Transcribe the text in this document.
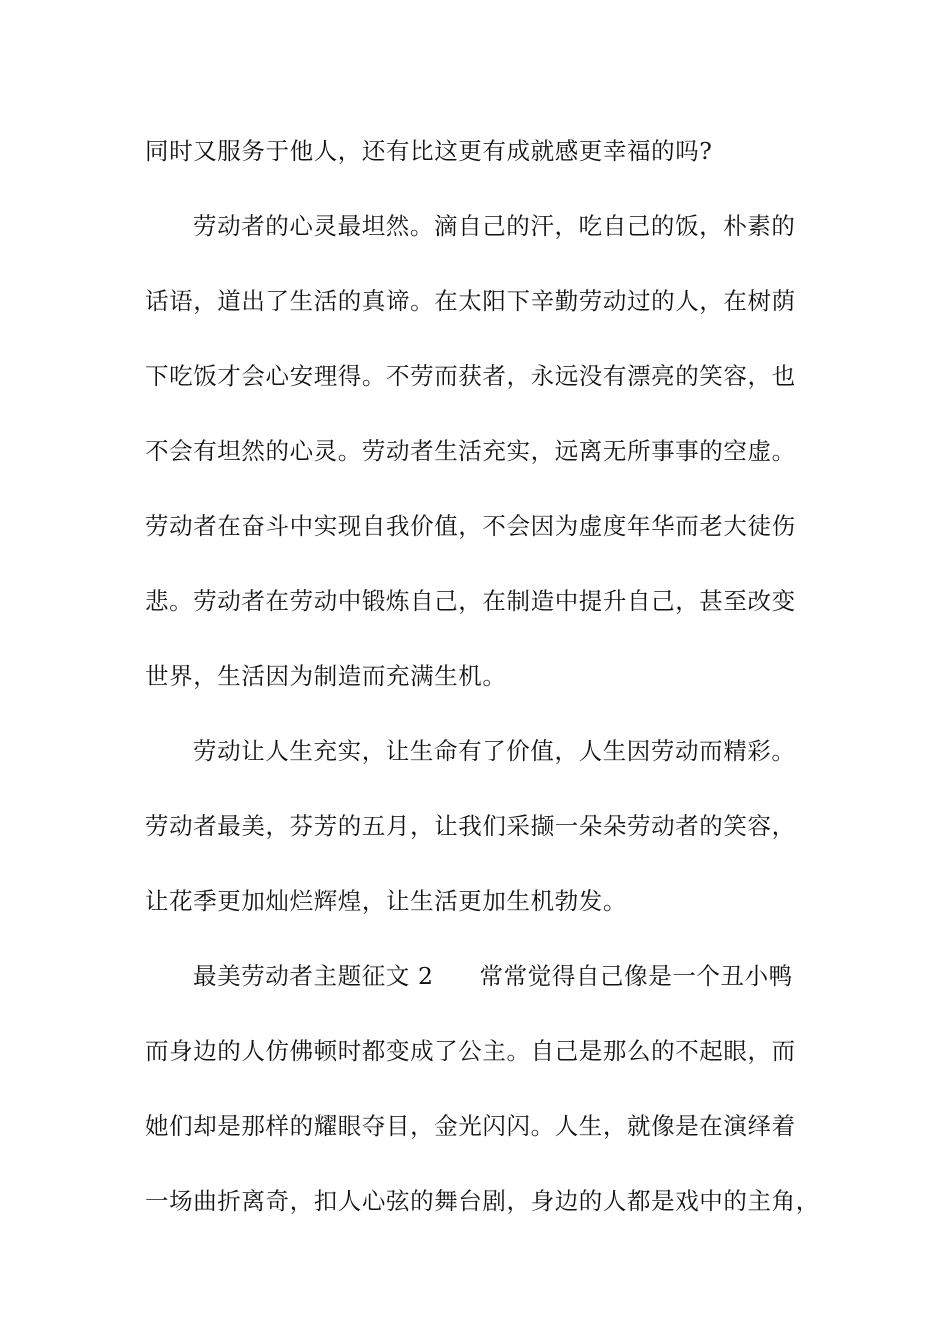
同时又服务于他人，还有比这更有成就感更幸福的吗?
劳动者的心灵最坦然。滴自己的汗，吃自己的饭，朴素的
话语，道出了生活的真谛。在太阳下辛勤劳动过的人，在树荫
下吃饭才会心安理得。不劳而获者，永远没有漂亮的笑容，也
不会有坦然的心灵。劳动者生活充实，远离无所事事的空虚。
劳动者在奋斗中实现自我价值，不会因为虚度年华而老大徒伤
悲。劳动者在劳动中锻炼自己，在制造中提升自己，甚至改变
世界，生活因为制造而充满生机。
劳动让人生充实，让生命有了价值，人生因劳动而精彩。
劳动者最美，芬芳的五月，让我们采撷一朵朵劳动者的笑容，
让花季更加灿烂辉煌，让生活更加生机勃发。
最美劳动者主题征文 2 常常觉得自己像是一个丑小鸭
而身边的人仿佛顿时都变成了公主。自己是那么的不起眼，而
她们却是那样的耀眼夺目，金光闪闪。人生，就像是在演绎着
一场曲折离奇，扣人心弦的舞台剧，身边的人都是戏中的主角，
